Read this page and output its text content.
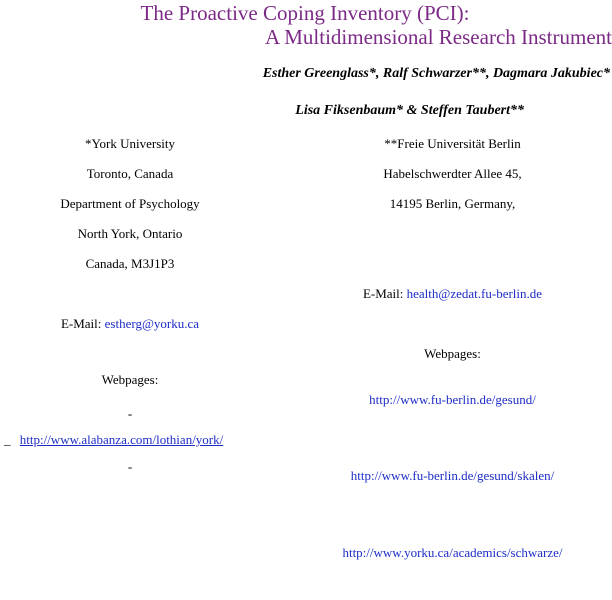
The Proactive Coping Inventory (PCI):
A Multidimensional Research Instrument
Esther Greenglass*, Ralf Schwarzer**, Dagmara Jakubiec*
Lisa Fiksenbaum* & Steffen Taubert**
*York University
Toronto, Canada
Department of Psychology
North York, Ontario
Canada, M3J1P3
E-Mail: estherg@yorku.ca
Webpages:
-
_ http://www.alabanza.com/lothian/york/
-
**Freie Universität Berlin
Habelschwerdter Allee 45,
14195 Berlin, Germany,
E-Mail: health@zedat.fu-berlin.de
Webpages:
http://www.fu-berlin.de/gesund/
http://www.fu-berlin.de/gesund/skalen/
http://www.yorku.ca/academics/schwarze/
